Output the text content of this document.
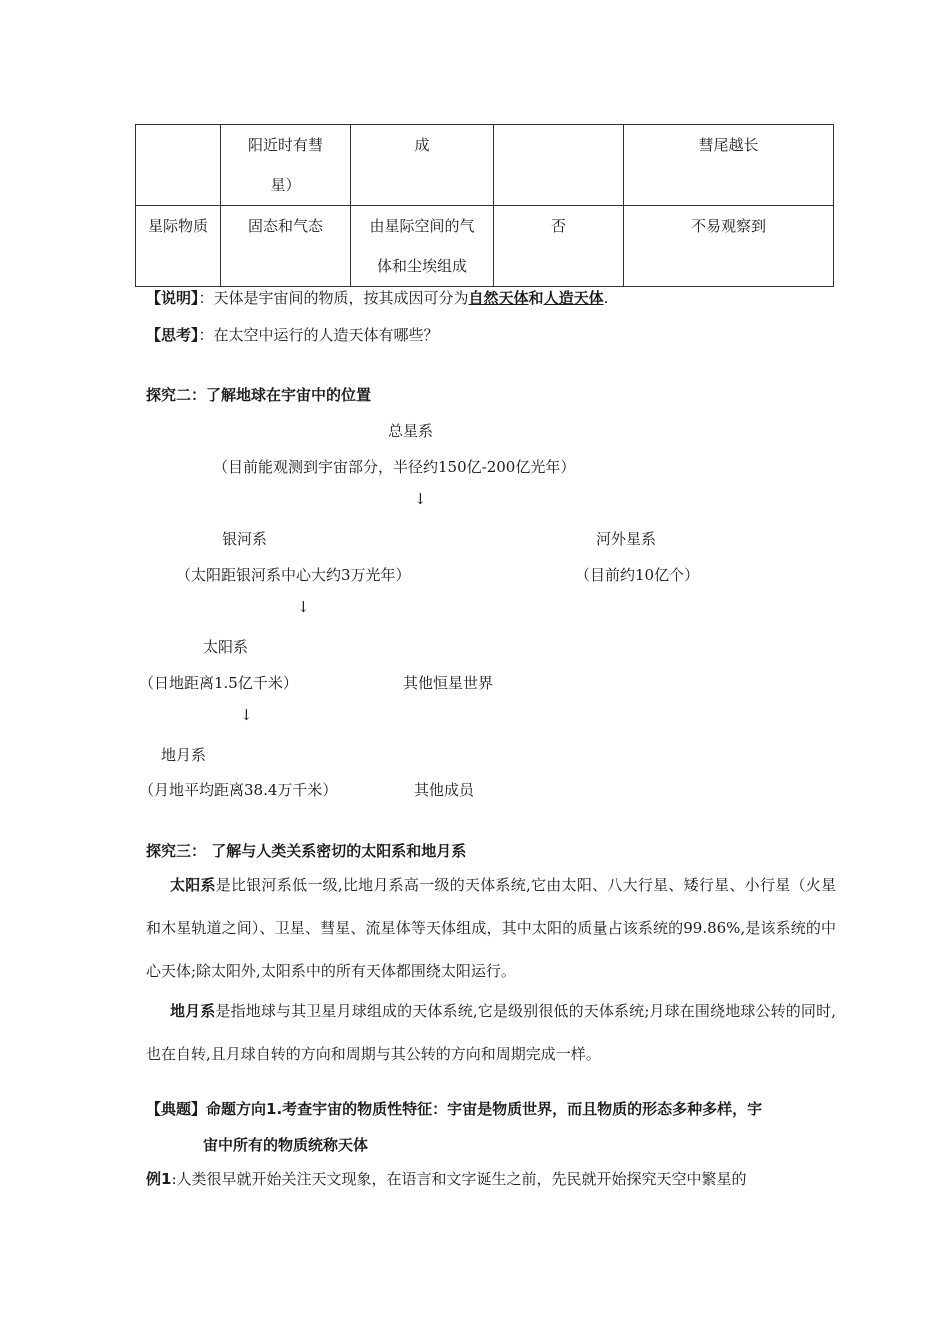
	阳近时有彗星）	成		彗尾越长
星际物质	固态和气态	由星际空间的气体和尘埃组成	否	不易观察到
【说明】：天体是宇宙间的物质，按其成因可分为自然天体和人造天体.
【思考】：在太空中运行的人造天体有哪些？
探究二：了解地球在宇宙中的位置
总星系
（目前能观测到宇宙部分，半径约150亿-200亿光年）
↓
银河系
（太阳距银河系中心大约3万光年）
河外星系
（目前约10亿个）
↓
太阳系
（日地距离1.5亿千米）	其他恒星世界
↓
地月系
（月地平均距离38.4万千米）	其他成员
探究三： 了解与人类关系密切的太阳系和地月系
太阳系是比银河系低一级,比地月系高一级的天体系统,它由太阳、八大行星、矮行星、小行星（火星和木星轨道之间）、卫星、彗星、流星体等天体组成，其中太阳的质量占该系统的99.86%,是该系统的中心天体;除太阳外,太阳系中的所有天体都围绕太阳运行。
地月系是指地球与其卫星月球组成的天体系统,它是级别很低的天体系统;月球在围绕地球公转的同时,也在自转,且月球自转的方向和周期与其公转的方向和周期完成一样。
【典题】命题方向1.考查宇宙的物质性特征：宇宙是物质世界，而且物质的形态多种多样，宇
宙中所有的物质统称天体
例1:人类很早就开始关注天文现象，在语言和文字诞生之前，先民就开始探究天空中繁星的
